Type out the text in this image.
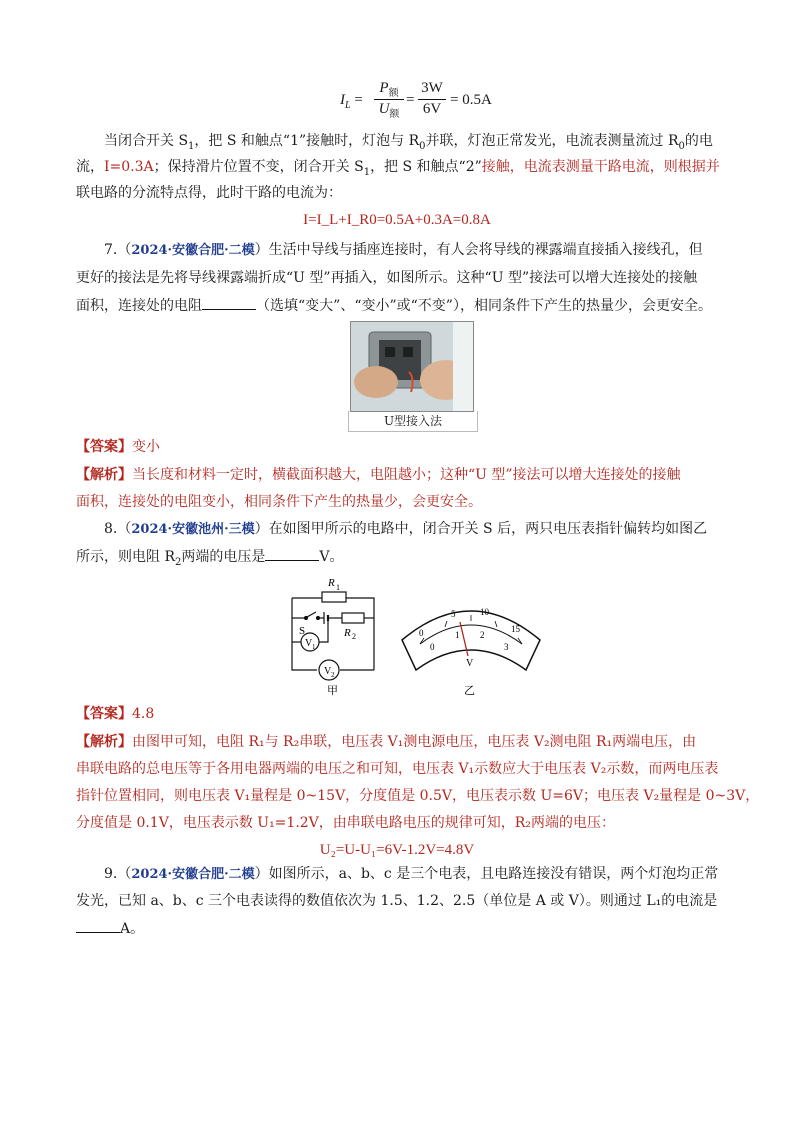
$I_L$ =
$P_额$
$U_额$
=
3W
6V
= 0.5A
当闭合开关 $S_1$，把 S 和触点“1”接触时，灯泡与 $R_0$并联，灯泡正常发光，电流表测量流过 $R_0$的电
流，I=0.3A；保持滑片位置不变，闭合开关 $S_1$，把 S 和触点“2”接触，电流表测量干路电流，则根据并
联电路的分流特点得，此时干路的电流为：
I=I_L+I_R0=0.5A+0.3A=0.8A
7.（2024·安徽合肥·二模）生活中导线与插座连接时，有人会将导线的裸露端直接插入接线孔，但
更好的接法是先将导线裸露端折成“U 型”再插入，如图所示。这种“U 型”接法可以增大连接处的接触
面积，连接处的电阻	（选填“变大”、“变小”或“不变”），相同条件下产生的热量少，会更安全。
U型接入法
【答案】变小
【解析】当长度和材料一定时，横截面积越大，电阻越小；这种“U 型”接法可以增大连接处的接触
面积，连接处的电阻变小，相同条件下产生的热量少，会更安全。
8.（2024·安徽池州·三模）在如图甲所示的电路中，闭合开关 S 后，两只电压表指针偏转均如图乙
所示，则电阻 $R_2$两端的电压是	V。
R 1
R 2
S
V 1
V 2
甲
0
5	10
15
0
1 2
3
V
乙
【答案】4.8
【解析】由图甲可知，电阻 R₁与 R₂串联，电压表 V₁测电源电压，电压表 V₂测电阻 R₁两端电压，由
串联电路的总电压等于各用电器两端的电压之和可知，电压表 V₁示数应大于电压表 V₂示数，而两电压表
指针位置相同，则电压表 V₁量程是 0~15V，分度值是 0.5V，电压表示数 U=6V；电压表 V₂量程是 0~3V，
分度值是 0.1V，电压表示数 U₁=1.2V，由串联电路电压的规律可知，R₂两端的电压：
U₂=U-U₁=6V-1.2V=4.8V
9.（2024·安徽合肥·二模）如图所示，a、b、c 是三个电表，且电路连接没有错误，两个灯泡均正常
发光，已知 a、b、c 三个电表读得的数值依次为 1.5、1.2、2.5（单位是 A 或 V）。则通过 L₁的电流是
A。
